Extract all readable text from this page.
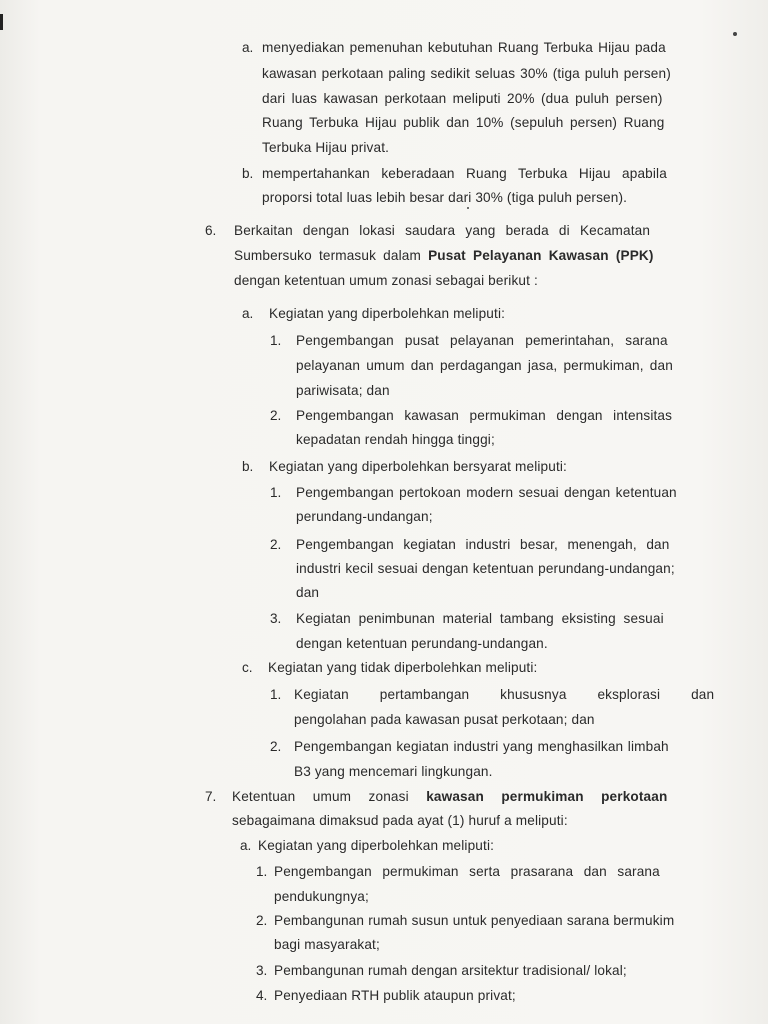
a. menyediakan pemenuhan kebutuhan Ruang Terbuka Hijau pada
kawasan perkotaan paling sedikit seluas 30% (tiga puluh persen)
dari luas kawasan perkotaan meliputi 20% (dua puluh persen)
Ruang Terbuka Hijau publik dan 10% (sepuluh persen) Ruang
Terbuka Hijau privat.
b. mempertahankan keberadaan Ruang Terbuka Hijau apabila
proporsi total luas lebih besar dari 30% (tiga puluh persen).
6. Berkaitan dengan lokasi saudara yang berada di Kecamatan
Sumbersuko termasuk dalam Pusat Pelayanan Kawasan (PPK)
dengan ketentuan umum zonasi sebagai berikut :
a. Kegiatan yang diperbolehkan meliputi:
1. Pengembangan pusat pelayanan pemerintahan, sarana
pelayanan umum dan perdagangan jasa, permukiman, dan
pariwisata; dan
2. Pengembangan kawasan permukiman dengan intensitas
kepadatan rendah hingga tinggi;
b. Kegiatan yang diperbolehkan bersyarat meliputi:
1. Pengembangan pertokoan modern sesuai dengan ketentuan
perundang-undangan;
2. Pengembangan kegiatan industri besar, menengah, dan
industri kecil sesuai dengan ketentuan perundang-undangan;
dan
3. Kegiatan penimbunan material tambang eksisting sesuai
dengan ketentuan perundang-undangan.
c. Kegiatan yang tidak diperbolehkan meliputi:
1. Kegiatan pertambangan khususnya eksplorasi dan
pengolahan pada kawasan pusat perkotaan; dan
2. Pengembangan kegiatan industri yang menghasilkan limbah
B3 yang mencemari lingkungan.
7. Ketentuan umum zonasi kawasan permukiman perkotaan
sebagaimana dimaksud pada ayat (1) huruf a meliputi:
a. Kegiatan yang diperbolehkan meliputi:
1. Pengembangan permukiman serta prasarana dan sarana
pendukungnya;
2. Pembangunan rumah susun untuk penyediaan sarana bermukim
bagi masyarakat;
3. Pembangunan rumah dengan arsitektur tradisional/ lokal;
4. Penyediaan RTH publik ataupun privat;
